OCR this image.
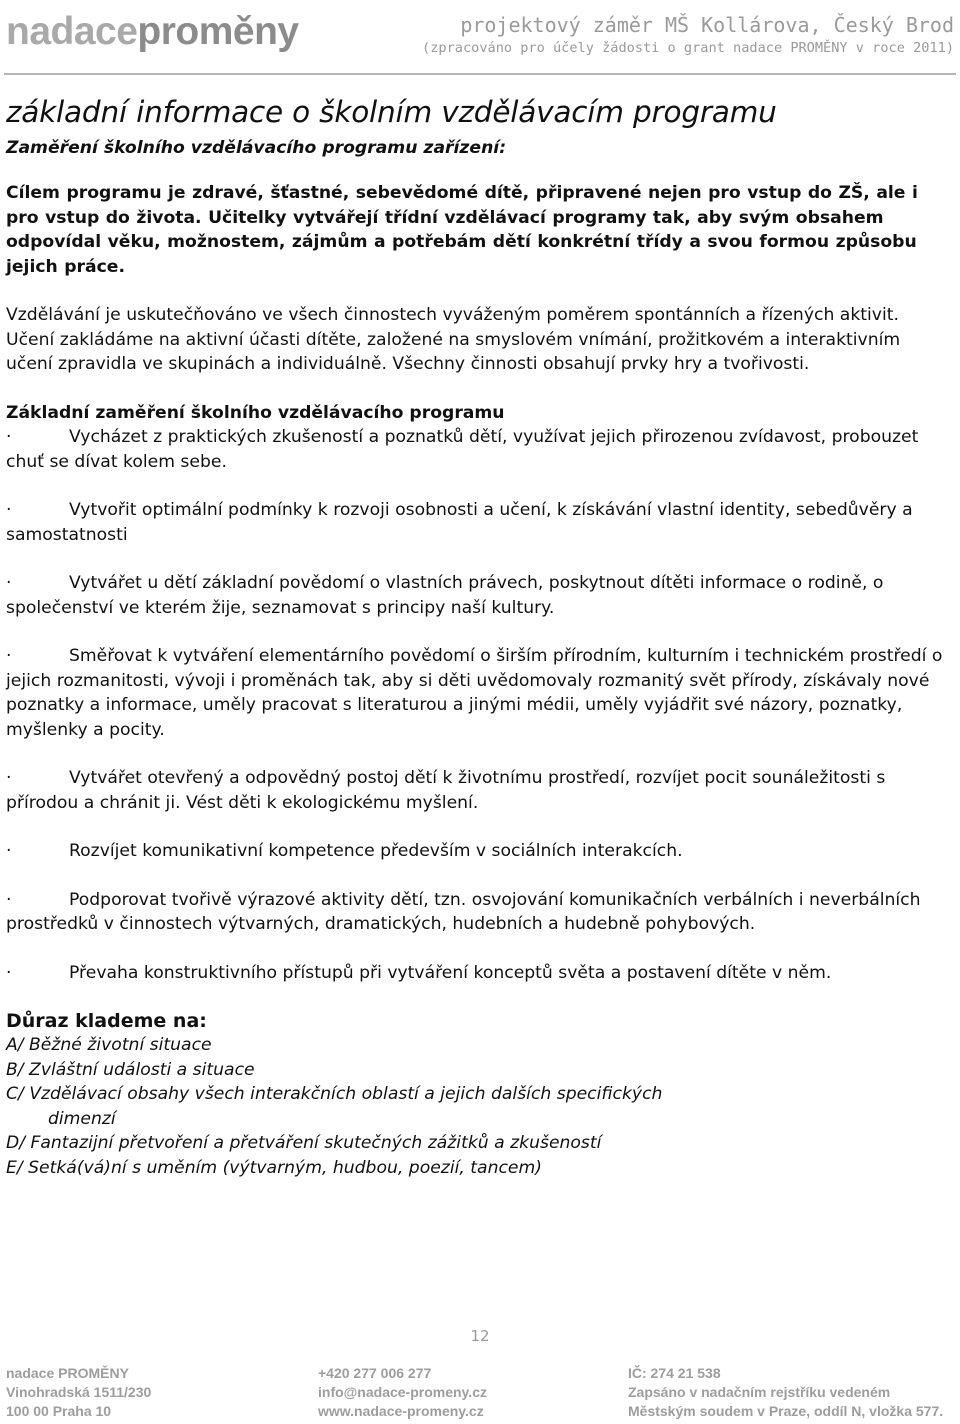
nadaceproměny	projektový záměr MŠ Kollárova, Český Brod
(zpracováno pro účely žádosti o grant nadace PROMĚNY v roce 2011)
základní informace o školním vzdělávacím programu

Zaměření školního vzdělávacího programu zařízení:

Cílem programu je zdravé, šťastné, sebevědomé dítě, připravené nejen pro vstup do ZŠ, ale i pro vstup do života. Učitelky vytvářejí třídní vzdělávací programy tak, aby svým obsahem odpovídal věku, možnostem, zájmům a potřebám dětí konkrétní třídy a svou formou způsobu jejich práce.

Vzdělávání je uskutečňováno ve všech činnostech vyváženým poměrem spontánních a řízených aktivit. Učení zakládáme na aktivní účasti dítěte, založené na smyslovém vnímání, prožitkovém a interaktivním učení zpravidla ve skupinách a individuálně. Všechny činnosti obsahují prvky hry a tvořivosti.

Základní zaměření školního vzdělávacího programu

·	Vycházet z praktických zkušeností a poznatků dětí, využívat jejich přirozenou zvídavost, probouzet chuť se dívat kolem sebe.

·	Vytvořit optimální podmínky k rozvoji osobnosti a učení, k získávání vlastní identity, sebedůvěry a samostatnosti

·	Vytvářet u dětí základní povědomí o vlastních právech, poskytnout dítěti informace o rodině, o společenství ve kterém žije, seznamovat s principy naší kultury.

·	Směřovat k vytváření elementárního povědomí o širším přírodním, kulturním i technickém prostředí o jejich rozmanitosti, vývoji i proměnách tak, aby si děti uvědomovaly rozmanitý svět přírody, získávaly nové poznatky a informace, uměly pracovat s literaturou a jinými médii, uměly vyjádřit své názory, poznatky, myšlenky a pocity.

·	Vytvářet otevřený a odpovědný postoj dětí k životnímu prostředí, rozvíjet pocit sounáležitosti s přírodou a chránit ji. Vést děti k ekologickému myšlení.

·	Rozvíjet komunikativní kompetence především v sociálních interakcích.

·	Podporovat tvořivě výrazové aktivity dětí, tzn. osvojování komunikačních verbálních i neverbálních prostředků v činnostech výtvarných, dramatických, hudebních a hudebně pohybových.

·	Převaha konstruktivního přístupů při vytváření konceptů světa a postavení dítěte v něm.

Důraz klademe na:

A/ Běžné životní situace
B/ Zvláštní události a situace
C/ Vzdělávací obsahy všech interakčních oblastí a jejich dalších specifických
dimenzí
D/ Fantazijní přetvoření a přetváření skutečných zážitků a zkušeností
E/ Setká(vá)ní s uměním (výtvarným, hudbou, poezií, tancem)
12
nadace PROMĚNY
Vinohradská 1511/230
100 00 Praha 10
+420 277 006 277
info@nadace-promeny.cz
www.nadace-promeny.cz
IČ: 274 21 538
Zapsáno v nadačním rejstříku vedeném
Městským soudem v Praze, oddíl N, vložka 577.
